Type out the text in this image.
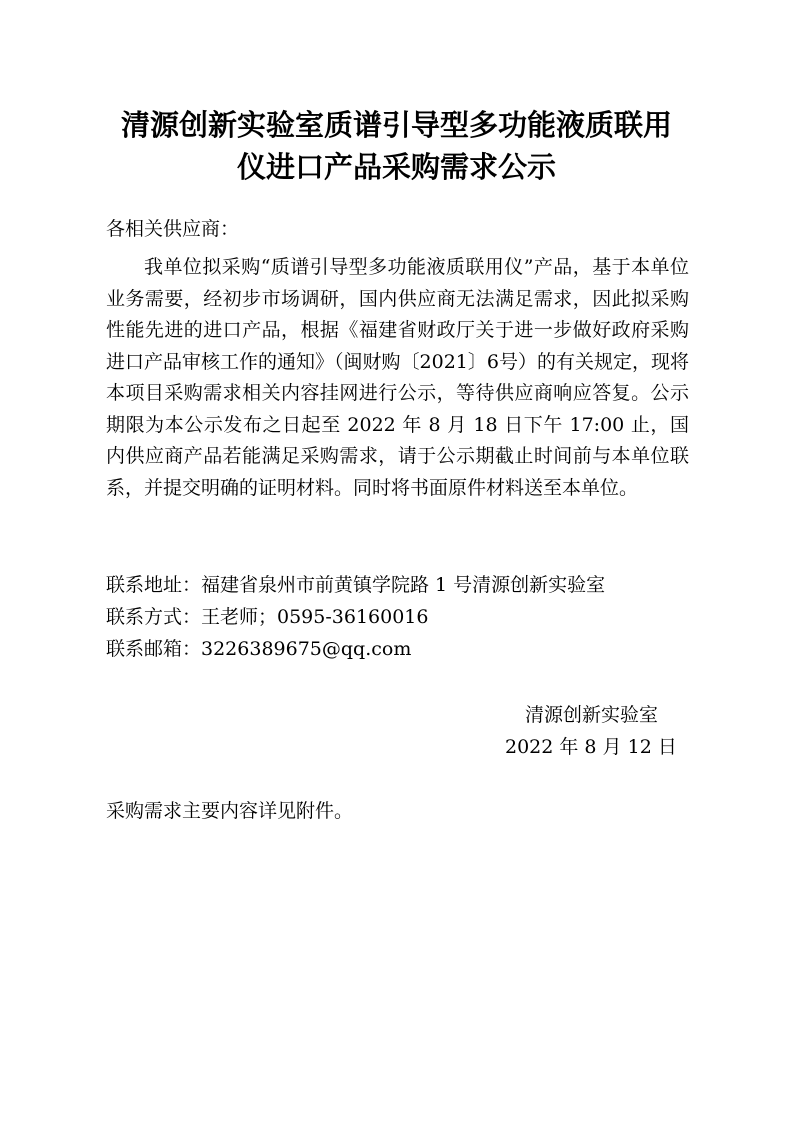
清源创新实验室质谱引导型多功能液质联用
仪进口产品采购需求公示
各相关供应商：

我单位拟采购“质谱引导型多功能液质联用仪”产品，基于本单位业务需要，经初步市场调研，国内供应商无法满足需求，因此拟采购性能先进的进口产品，根据《福建省财政厅关于进一步做好政府采购进口产品审核工作的通知》（闽财购〔2021〕6号）的有关规定，现将本项目采购需求相关内容挂网进行公示，等待供应商响应答复。公示期限为本公示发布之日起至 2022 年 8 月 18 日下午 17:00 止，国内供应商产品若能满足采购需求，请于公示期截止时间前与本单位联系，并提交明确的证明材料。同时将书面原件材料送至本单位。

联系地址：福建省泉州市前黄镇学院路 1 号清源创新实验室
联系方式：王老师；0595-36160016
联系邮箱：3226389675@qq.com
清源创新实验室
2022 年 8 月 12 日
采购需求主要内容详见附件。
